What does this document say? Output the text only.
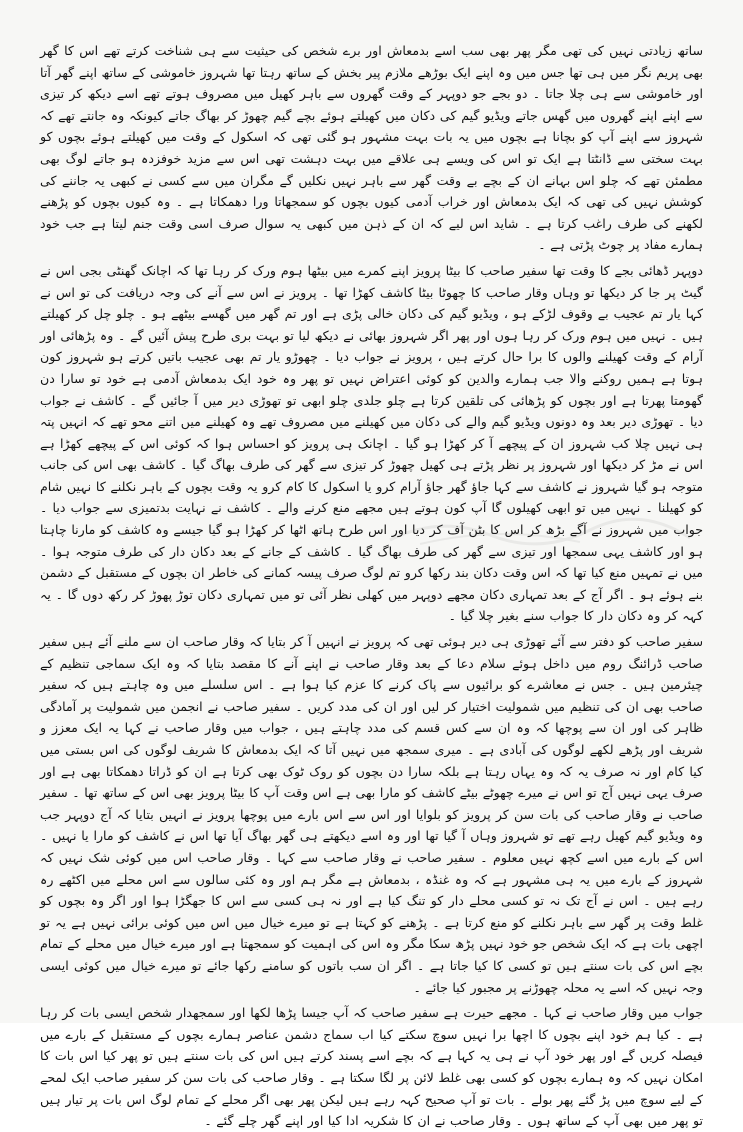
ساتھ زیادتی نہیں کی تھی مگر پھر بھی سب اسے بدمعاش اور برے شخص کی حیثیت سے ہی شناخت کرتے تھے اس کا گھر بھی پریم نگر میں ہی تھا جس میں وہ اپنے ایک بوڑھے ملازم پیر بخش کے ساتھ رہتا تھا شہروز خاموشی کے ساتھ اپنے گھر آتا اور خاموشی سے ہی چلا جاتا ۔ دو بجے جو دوپہر کے وقت گھروں سے باہر کھیل میں مصروف ہوتے تھے اسے دیکھ کر تیزی سے اپنے اپنے گھروں میں گھس جاتے ویڈیو گیم کی دکان میں کھیلتے ہوئے بچے گیم چھوڑ کر بھاگ جاتے کیونکہ وہ جانتے تھے کہ شہروز سے اپنے آپ کو بچانا ہے بچوں میں یہ بات بہت مشہور ہو گئی تھی کہ اسکول کے وقت میں کھیلتے ہوئے بچوں کو بہت سختی سے ڈانٹتا ہے ایک تو اس کی ویسے ہی علاقے میں بہت دہشت تھی اس سے مزید خوفزدہ ہو جاتے لوگ بھی مطمئن تھے کہ چلو اس بہانے ان کے بچے بے وقت گھر سے باہر نہیں نکلیں گے مگران میں سے کسی نے کبھی یہ جاننے کی کوشش نہیں کی تھی کہ ایک بدمعاش اور خراب آدمی کیوں بچوں کو سمجھاتا ورا دھمکاتا ہے ۔ وہ کیوں بچوں کو پڑھنے لکھنے کی طرف راغب کرتا ہے ۔ شاید اس لیے کہ ان کے ذہن میں کبھی یہ سوال صرف اسی وقت جنم لیتا ہے جب خود ہمارے مفاد پر چوٹ پڑتی ہے ۔

دوپہر ڈھائی بجے کا وقت تھا سفیر صاحب کا بیٹا پرویز اپنے کمرے میں بیٹھا ہوم ورک کر رہا تھا کہ اچانک گھنٹی بجی اس نے گیٹ پر جا کر دیکھا تو وہاں وقار صاحب کا چھوٹا بیٹا کاشف کھڑا تھا ۔ پرویز نے اس سے آنے کی وجہ دریافت کی تو اس نے کہا یار تم عجیب بے وقوف لڑکے ہو ، ویڈیو گیم کی دکان خالی پڑی ہے اور تم گھر میں گھسے بیٹھے ہو ۔ چلو چل کر کھیلتے ہیں ۔ نہیں میں ہوم ورک کر رہا ہوں اور پھر اگر شہروز بھائی نے دیکھ لیا تو بہت بری طرح پیش آئیں گے ۔ وہ پڑھائی اور آرام کے وقت کھیلنے والوں کا برا حال کرتے ہیں ، پرویز نے جواب دیا ۔ چھوڑو یار تم بھی عجیب باتیں کرتے ہو شہروز کون ہوتا ہے ہمیں روکنے والا جب ہمارے والدین کو کوئی اعتراض نہیں تو پھر وہ خود ایک بدمعاش آدمی ہے خود تو سارا دن گھومتا پھرتا ہے اور بچوں کو پڑھائی کی تلقین کرتا ہے چلو جلدی چلو ابھی تو تھوڑی دیر میں آ جائیں گے ۔ کاشف نے جواب دیا ۔ تھوڑی دیر بعد وہ دونوں ویڈیو گیم والے کی دکان میں کھیلنے میں مصروف تھے وہ کھیلنے میں اتنے محو تھے کہ انہیں پتہ ہی نہیں چلا کب شہروز ان کے پیچھے آ کر کھڑا ہو گیا ۔ اچانک ہی پرویز کو احساس ہوا کہ کوئی اس کے پیچھے کھڑا ہے اس نے مڑ کر دیکھا اور شہروز پر نظر پڑتے ہی کھیل چھوڑ کر تیزی سے گھر کی طرف بھاگ گیا ۔ کاشف بھی اس کی جانب متوجہ ہو گیا شہروز نے کاشف سے کہا جاؤ گھر جاؤ آرام کرو یا اسکول کا کام کرو یہ وقت بچوں کے باہر نکلنے کا نہیں شام کو کھیلنا ۔ نہیں میں تو ابھی کھیلوں گا آپ کون ہوتے ہیں مجھے منع کرنے والے ۔ کاشف نے نہایت بدتمیزی سے جواب دیا ۔ جواب میں شہروز نے آگے بڑھ کر اس کا بٹن آف کر دیا اور اس طرح ہاتھ اٹھا کر کھڑا ہو گیا جیسے وہ کاشف کو مارنا چاہتا ہو اور کاشف یہی سمجھا اور تیزی سے گھر کی طرف بھاگ گیا ۔ کاشف کے جانے کے بعد دکان دار کی طرف متوجہ ہوا ۔ میں نے تمہیں منع کیا تھا کہ اس وقت دکان بند رکھا کرو تم لوگ صرف پیسہ کمانے کی خاطر ان بچوں کے مستقبل کے دشمن بنے ہوئے ہو ۔ اگر آج کے بعد تمہاری دکان مجھے دوپہر میں کھلی نظر آئی تو میں تمہاری دکان توڑ پھوڑ کر رکھ دوں گا ۔ یہ کہہ کر وہ دکان دار کا جواب سنے بغیر چلا گیا ۔

سفیر صاحب کو دفتر سے آئے تھوڑی ہی دیر ہوئی تھی کہ پرویز نے انہیں آ کر بتایا کہ وقار صاحب ان سے ملنے آئے ہیں سفیر صاحب ڈرائنگ روم میں داخل ہوئے سلام دعا کے بعد وقار صاحب نے اپنے آنے کا مقصد بتایا کہ وہ ایک سماجی تنظیم کے چیئرمین ہیں ۔ جس نے معاشرے کو برائیوں سے پاک کرنے کا عزم کیا ہوا ہے ۔ اس سلسلے میں وہ چاہتے ہیں کہ سفیر صاحب بھی ان کی تنظیم میں شمولیت اختیار کر لیں اور ان کی مدد کریں ۔ سفیر صاحب نے انجمن میں شمولیت پر آمادگی ظاہر کی اور ان سے پوچھا کہ وہ ان سے کس قسم کی مدد چاہتے ہیں ، جواب میں وقار صاحب نے کہا یہ ایک معزز و شریف اور پڑھے لکھے لوگوں کی آبادی ہے ۔ میری سمجھ میں نہیں آتا کہ ایک بدمعاش کا شریف لوگوں کی اس بستی میں کیا کام اور نہ صرف یہ کہ وہ یہاں رہتا ہے بلکہ سارا دن بچوں کو روک ٹوک بھی کرتا ہے ان کو ڈراتا دھمکاتا بھی ہے اور صرف یہی نہیں آج تو اس نے میرے چھوٹے بیٹے کاشف کو مارا بھی ہے اس وقت آپ کا بیٹا پرویز بھی اس کے ساتھ تھا ۔ سفیر صاحب نے وقار صاحب کی بات سن کر پرویز کو بلوایا اور اس سے اس بارے میں پوچھا پرویز نے انہیں بتایا کہ آج دوپہر جب وہ ویڈیو گیم کھیل رہے تھے تو شہروز وہاں آ گیا تھا اور وہ اسے دیکھتے ہی گھر بھاگ آیا تھا اس نے کاشف کو مارا یا نہیں ۔ اس کے بارے میں اسے کچھ نہیں معلوم ۔ سفیر صاحب نے وقار صاحب سے کہا ۔ وقار صاحب اس میں کوئی شک نہیں کہ شہروز کے بارے میں یہ ہی مشہور ہے کہ وہ غنڈہ ، بدمعاش ہے مگر ہم اور وہ کئی سالوں سے اس محلے میں اکٹھے رہ رہے ہیں ۔ اس نے آج تک نہ تو کسی محلے دار کو تنگ کیا ہے اور نہ ہی کسی سے اس کا جھگڑا ہوا اور اگر وہ بچوں کو غلط وقت پر گھر سے باہر نکلنے کو منع کرتا ہے ۔ پڑھنے کو کہتا ہے تو میرے خیال میں اس میں کوئی برائی نہیں ہے یہ تو اچھی بات ہے کہ ایک شخص جو خود نہیں پڑھ سکا مگر وہ اس کی اہمیت کو سمجھتا ہے اور میرے خیال میں محلے کے تمام بچے اس کی بات سنتے ہیں تو کسی کا کیا جاتا ہے ۔ اگر ان سب باتوں کو سامنے رکھا جائے تو میرے خیال میں کوئی ایسی وجہ نہیں کہ اسے یہ محلہ چھوڑنے پر مجبور کیا جائے ۔

جواب میں وقار صاحب نے کہا ۔ مجھے حیرت ہے سفیر صاحب کہ آپ جیسا پڑھا لکھا اور سمجھدار شخص ایسی بات کر رہا ہے ۔ کیا ہم خود اپنے بچوں کا اچھا برا نہیں سوچ سکتے کیا اب سماج دشمن عناصر ہمارے بچوں کے مستقبل کے بارے میں فیصلہ کریں گے اور پھر خود آپ نے ہی یہ کہا ہے کہ بچے اسے پسند کرتے ہیں اس کی بات سنتے ہیں تو پھر کیا اس بات کا امکان نہیں کہ وہ ہمارے بچوں کو کسی بھی غلط لائن پر لگا سکتا ہے ۔ وقار صاحب کی بات سن کر سفیر صاحب ایک لمحے کے لیے سوچ میں پڑ گئے پھر بولے ۔ بات تو آپ صحیح کہہ رہے ہیں لیکن پھر بھی اگر محلے کے تمام لوگ اس بات پر تیار ہیں تو پھر میں بھی آپ کے ساتھ ہوں ۔ وقار صاحب نے ان کا شکریہ ادا کیا اور اپنے گھر چلے گئے ۔
